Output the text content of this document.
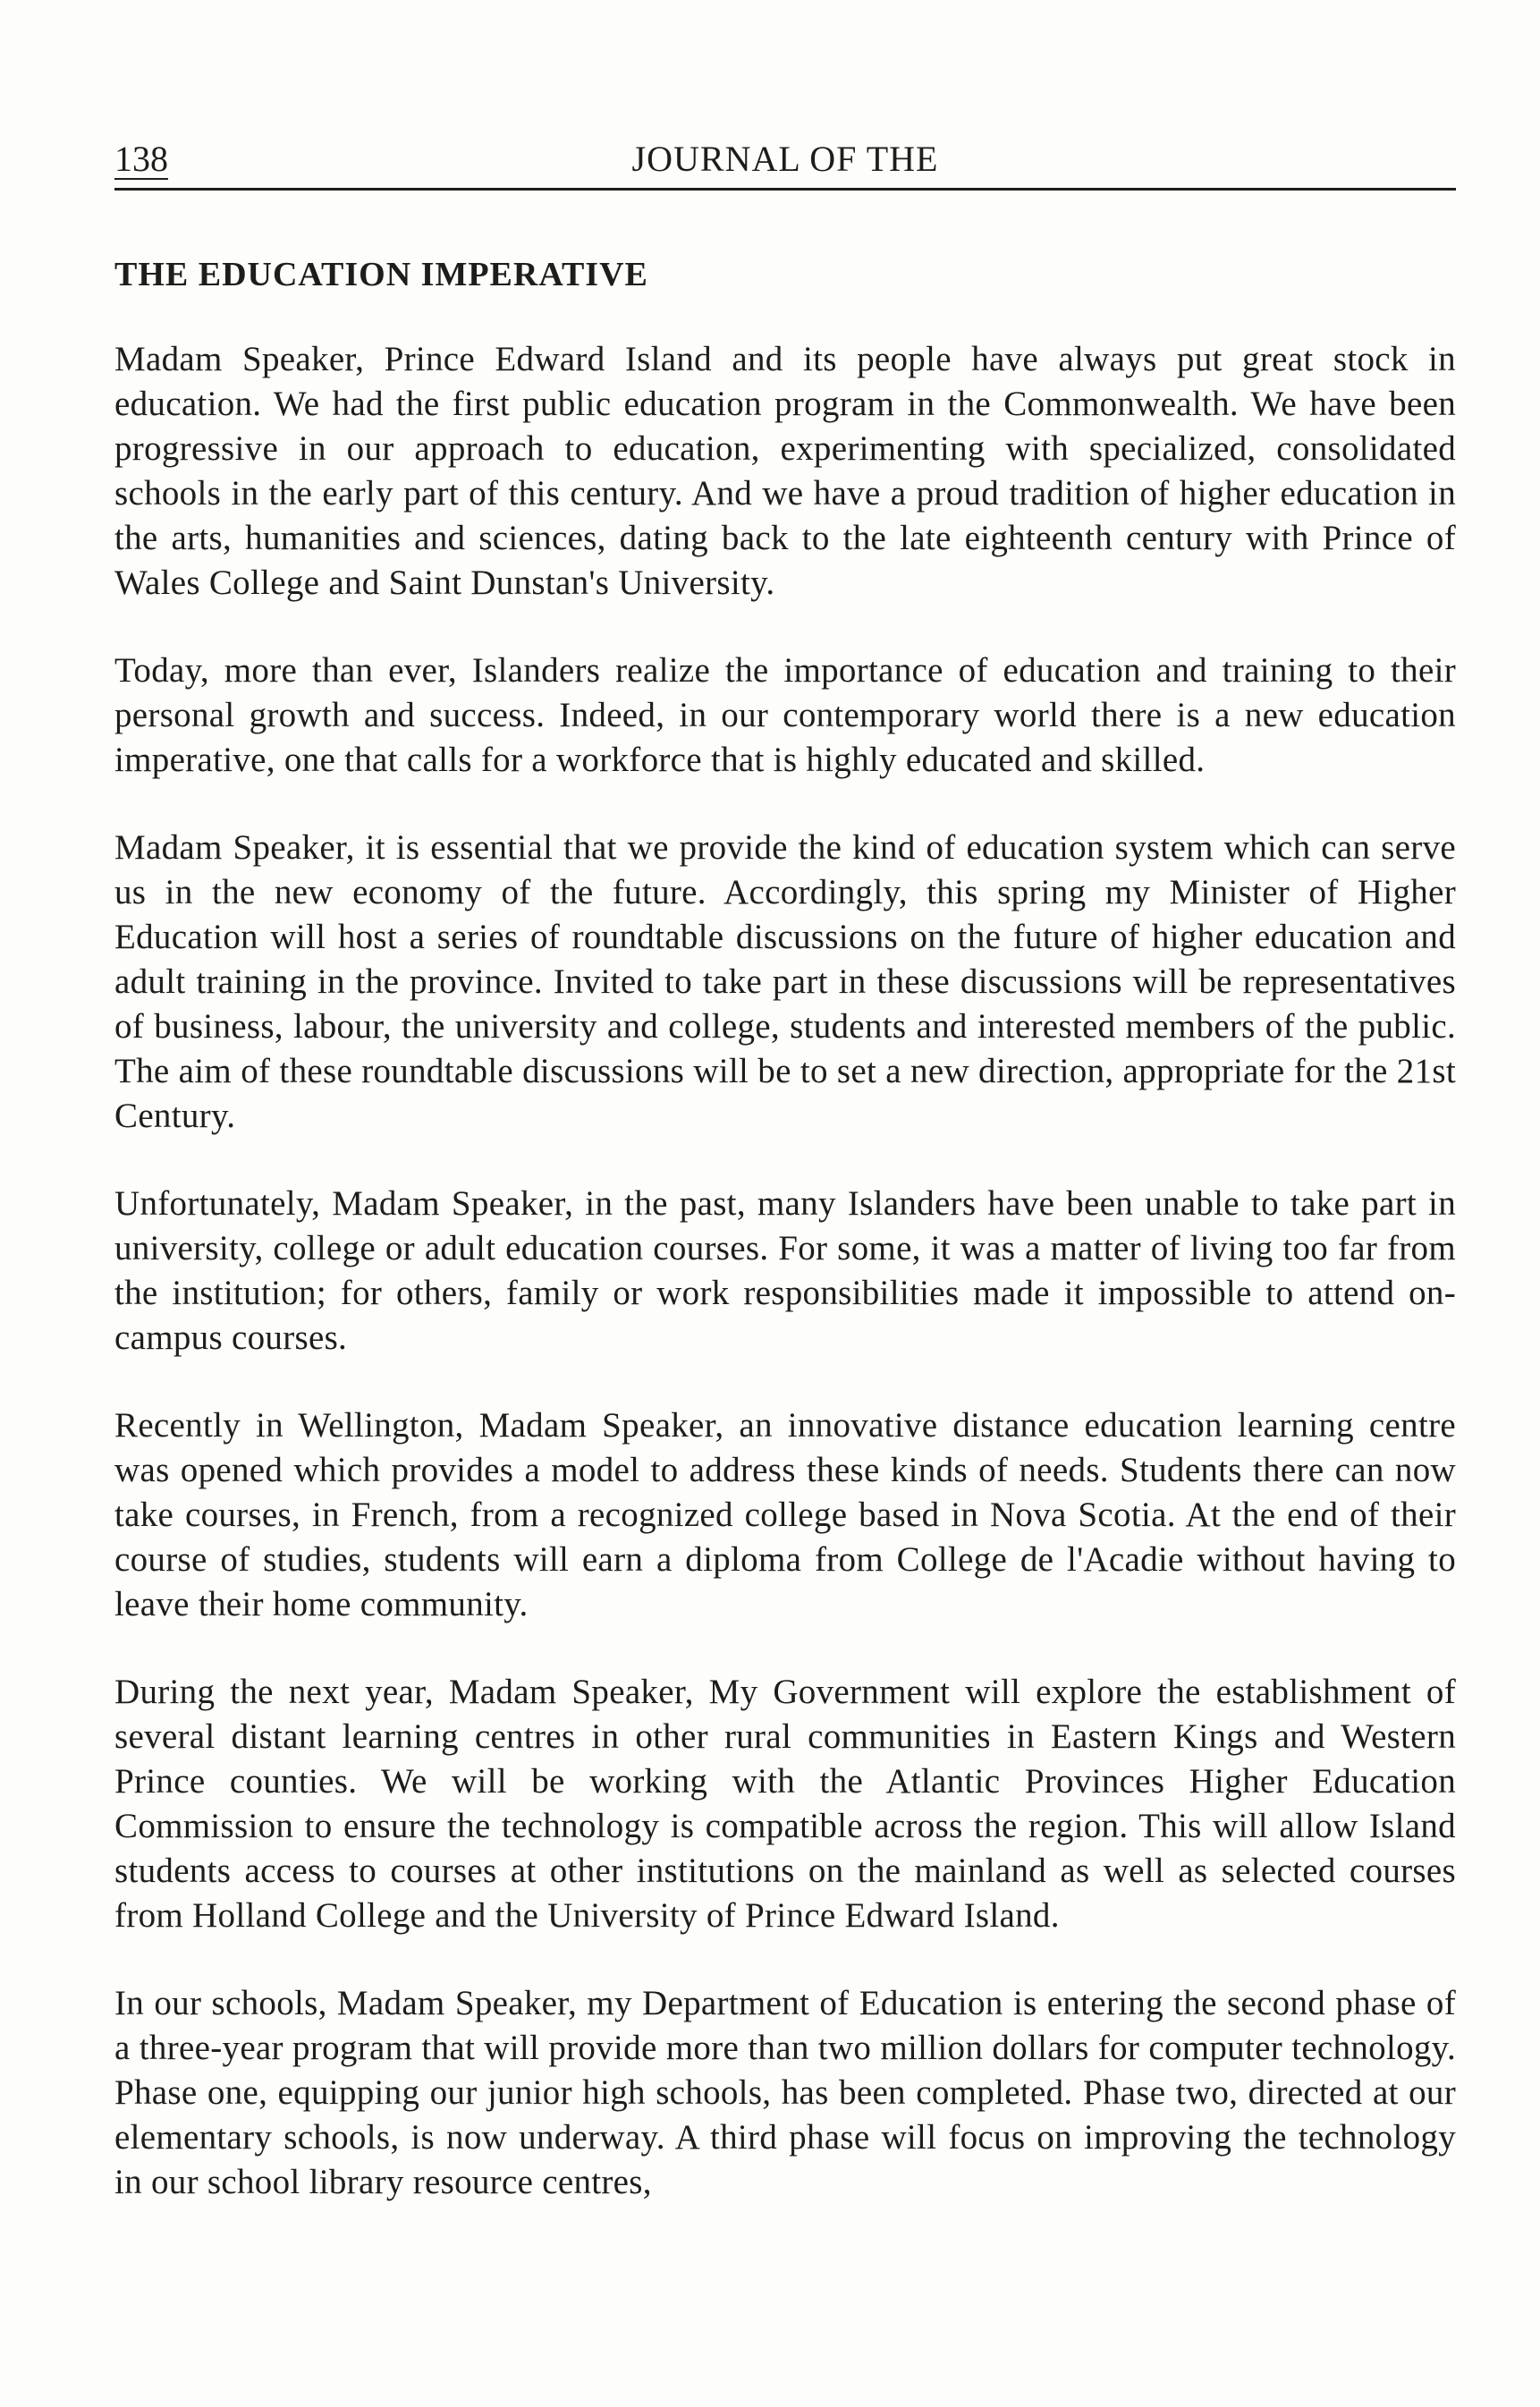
138	JOURNAL OF THE
THE EDUCATION IMPERATIVE

Madam Speaker, Prince Edward Island and its people have always put great stock in education. We had the first public education program in the Commonwealth. We have been progressive in our approach to education, experimenting with specialized, consolidated schools in the early part of this century. And we have a proud tradition of higher education in the arts, humanities and sciences, dating back to the late eighteenth century with Prince of Wales College and Saint Dunstan's University.

Today, more than ever, Islanders realize the importance of education and training to their personal growth and success. Indeed, in our contemporary world there is a new education imperative, one that calls for a workforce that is highly educated and skilled.

Madam Speaker, it is essential that we provide the kind of education system which can serve us in the new economy of the future. Accordingly, this spring my Minister of Higher Education will host a series of roundtable discussions on the future of higher education and adult training in the province. Invited to take part in these discussions will be representatives of business, labour, the university and college, students and interested members of the public. The aim of these roundtable discussions will be to set a new direction, appropriate for the 21st Century.

Unfortunately, Madam Speaker, in the past, many Islanders have been unable to take part in university, college or adult education courses. For some, it was a matter of living too far from the institution; for others, family or work responsibilities made it impossible to attend on-campus courses.

Recently in Wellington, Madam Speaker, an innovative distance education learning centre was opened which provides a model to address these kinds of needs. Students there can now take courses, in French, from a recognized college based in Nova Scotia. At the end of their course of studies, students will earn a diploma from College de l'Acadie without having to leave their home community.

During the next year, Madam Speaker, My Government will explore the establishment of several distant learning centres in other rural communities in Eastern Kings and Western Prince counties. We will be working with the Atlantic Provinces Higher Education Commission to ensure the technology is compatible across the region. This will allow Island students access to courses at other institutions on the mainland as well as selected courses from Holland College and the University of Prince Edward Island.

In our schools, Madam Speaker, my Department of Education is entering the second phase of a three-year program that will provide more than two million dollars for computer technology. Phase one, equipping our junior high schools, has been completed. Phase two, directed at our elementary schools, is now underway. A third phase will focus on improving the technology in our school library resource centres,
